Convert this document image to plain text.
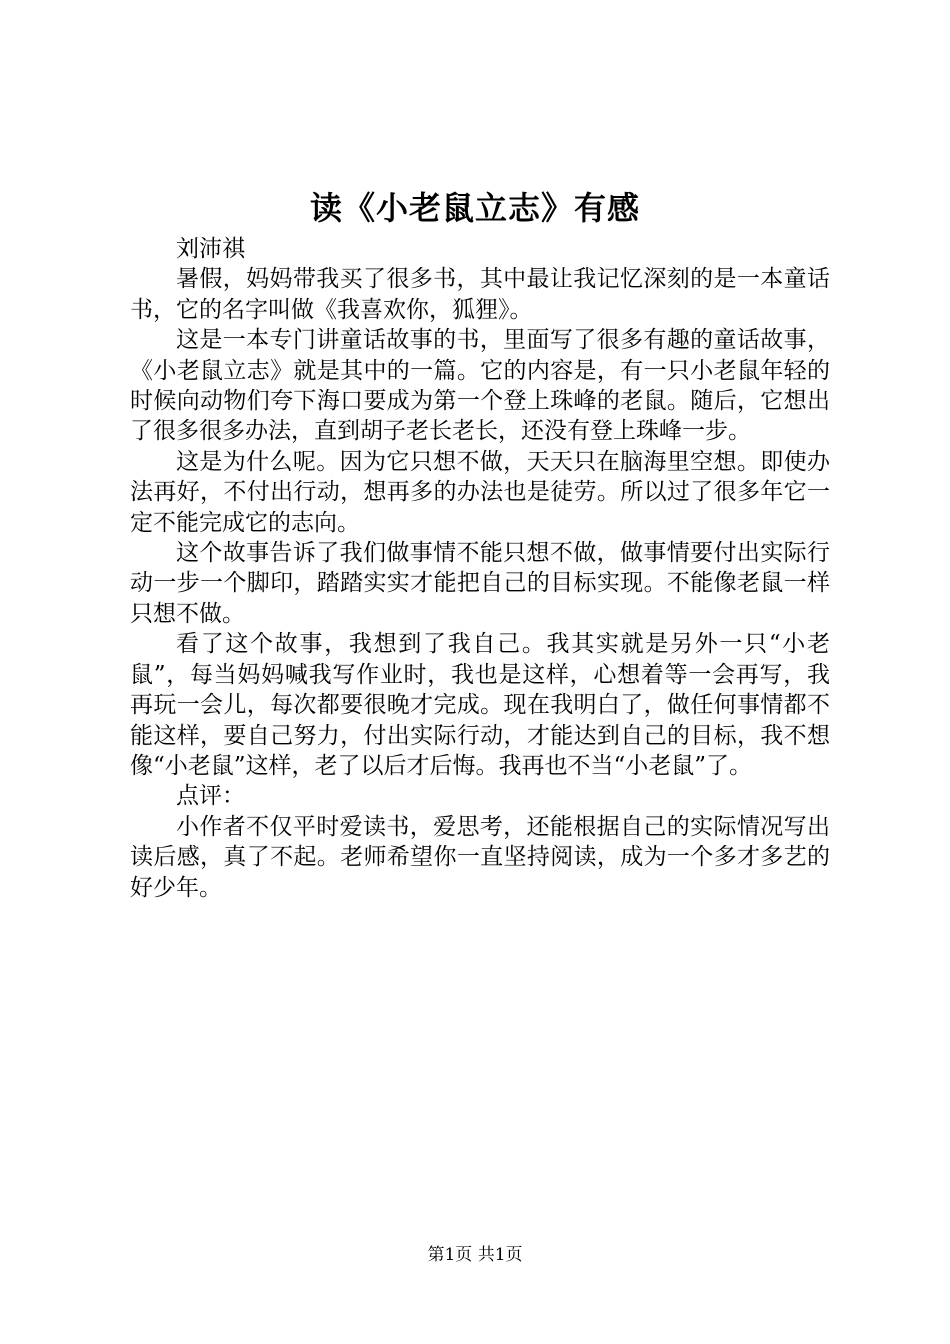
读《小老鼠立志》有感

刘沛祺

暑假，妈妈带我买了很多书，其中最让我记忆深刻的是一本童话书，它的名字叫做《我喜欢你，狐狸》。

这是一本专门讲童话故事的书，里面写了很多有趣的童话故事，《小老鼠立志》就是其中的一篇。它的内容是，有一只小老鼠年轻的时候向动物们夸下海口要成为第一个登上珠峰的老鼠。随后，它想出了很多很多办法，直到胡子老长老长，还没有登上珠峰一步。

这是为什么呢。因为它只想不做，天天只在脑海里空想。即使办法再好，不付出行动，想再多的办法也是徒劳。所以过了很多年它一定不能完成它的志向。

这个故事告诉了我们做事情不能只想不做，做事情要付出实际行动一步一个脚印，踏踏实实才能把自己的目标实现。不能像老鼠一样只想不做。

看了这个故事，我想到了我自己。我其实就是另外一只“小老鼠”，每当妈妈喊我写作业时，我也是这样，心想着等一会再写，我再玩一会儿，每次都要很晚才完成。现在我明白了，做任何事情都不能这样，要自己努力，付出实际行动，才能达到自己的目标，我不想像“小老鼠”这样，老了以后才后悔。我再也不当“小老鼠”了。

点评：

小作者不仅平时爱读书，爱思考，还能根据自己的实际情况写出读后感，真了不起。老师希望你一直坚持阅读，成为一个多才多艺的好少年。

第1页 共1页
